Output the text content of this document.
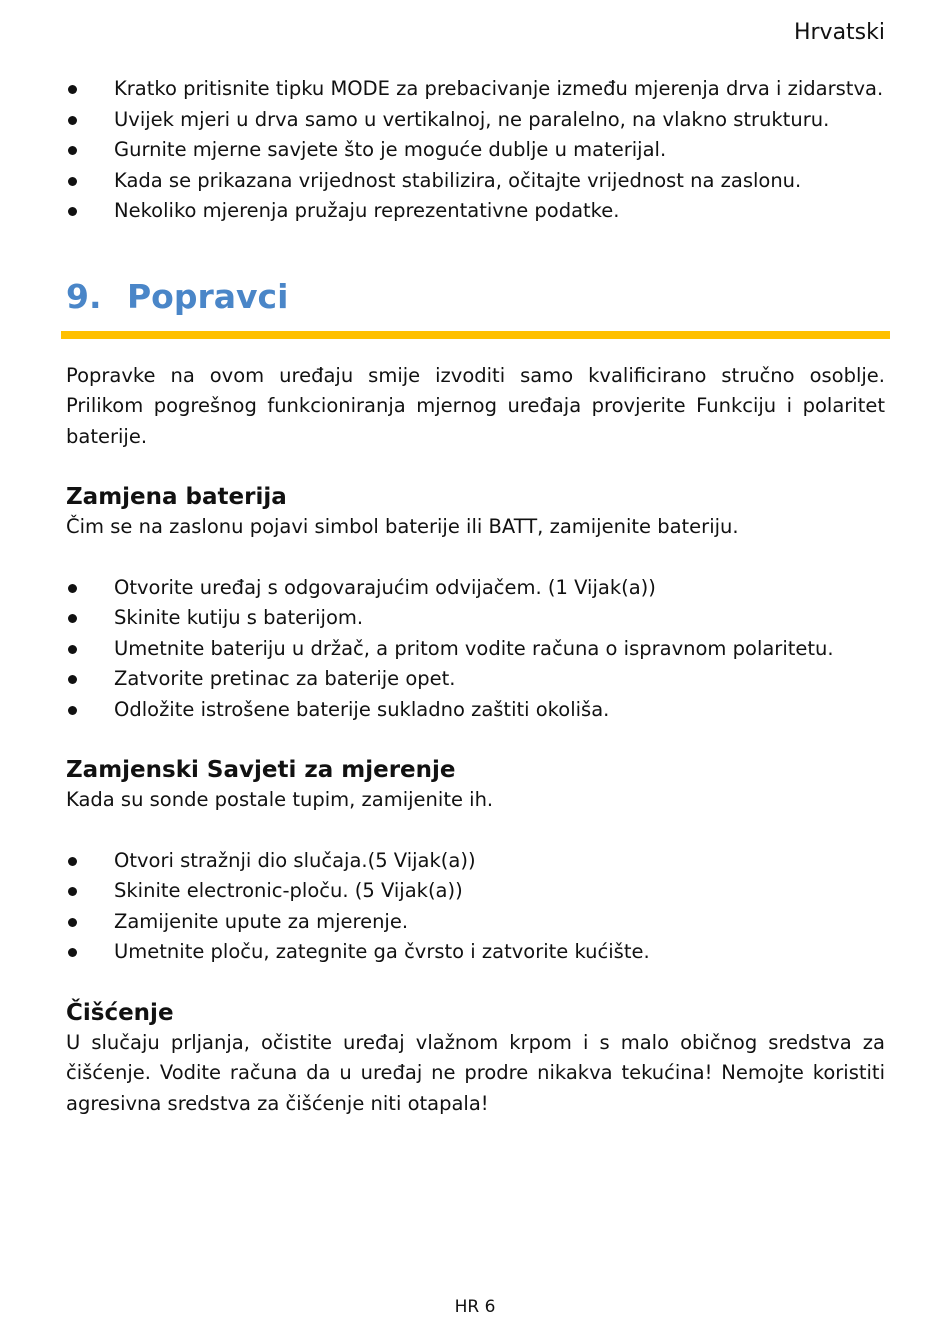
Hrvatski
Kratko pritisnite tipku MODE za prebacivanje između mjerenja drva i zidarstva.
Uvijek mjeri u drva samo u vertikalnoj, ne paralelno, na vlakno strukturu.
Gurnite mjerne savjete što je moguće dublje u materijal.
Kada se prikazana vrijednost stabilizira, očitajte vrijednost na zaslonu.
Nekoliko mjerenja pružaju reprezentativne podatke.
9. Popravci

Popravke na ovom uređaju smije izvoditi samo kvalificirano stručno osoblje. Prilikom pogrešnog funkcioniranja mjernog uređaja provjerite Funkciju i polaritet baterije.

Zamjena baterija

Čim se na zaslonu pojavi simbol baterije ili BATT, zamijenite bateriju.

Otvorite uređaj s odgovarajućim odvijačem. (1 Vijak(a))
Skinite kutiju s baterijom.
Umetnite bateriju u držač, a pritom vodite računa o ispravnom polaritetu.
Zatvorite pretinac za baterije opet.
Odložite istrošene baterije sukladno zaštiti okoliša.
Zamjenski Savjeti za mjerenje

Kada su sonde postale tupim, zamijenite ih.

Otvori stražnji dio slučaja.(5 Vijak(a))
Skinite electronic-ploču. (5 Vijak(a))
Zamijenite upute za mjerenje.
Umetnite ploču, zategnite ga čvrsto i zatvorite kućište.
Čišćenje

U slučaju prljanja, očistite uređaj vlažnom krpom i s malo običnog sredstva za čišćenje. Vodite računa da u uređaj ne prodre nikakva tekućina! Nemojte koristiti agresivna sredstva za čišćenje niti otapala!

HR 6
